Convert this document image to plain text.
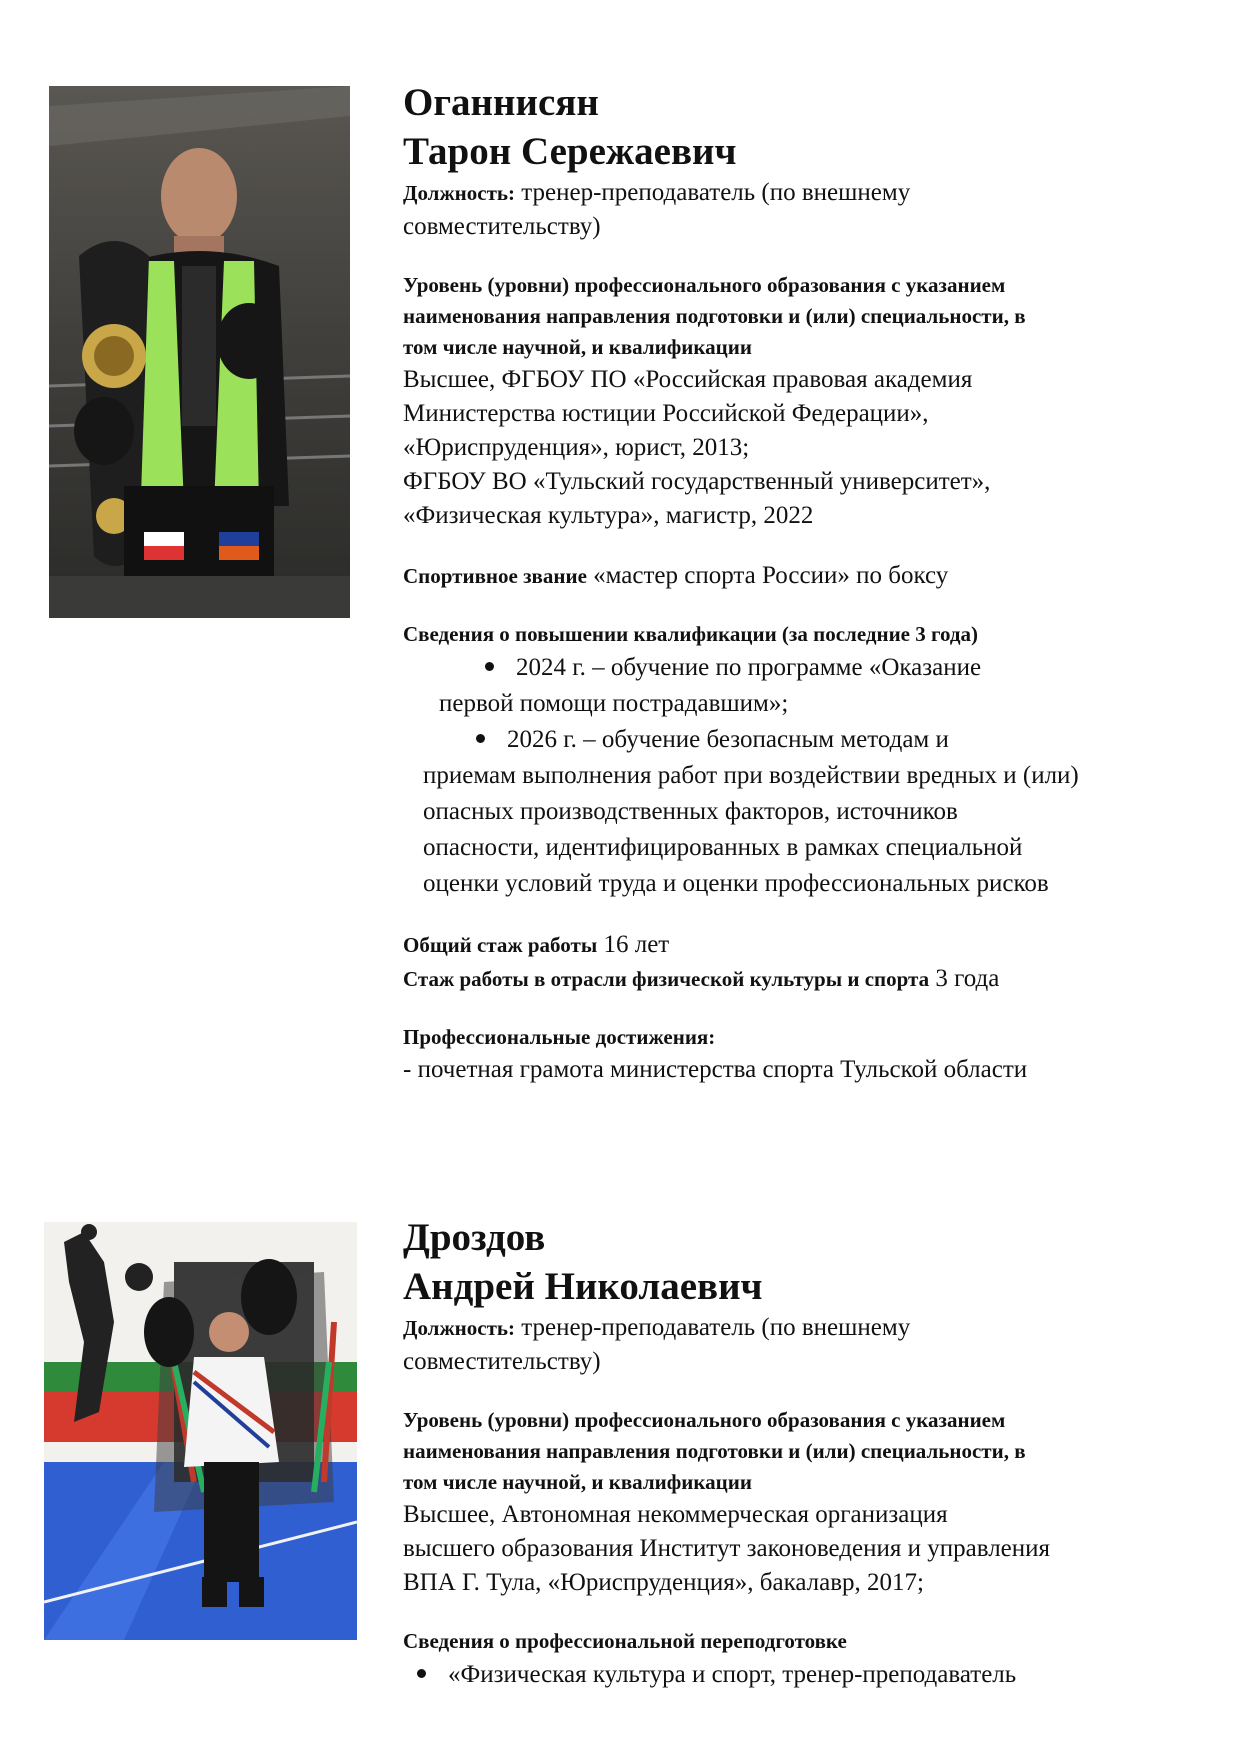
Оганнисян

Тарон Сережаевич

Должность: тренер-преподаватель (по внешнему

совместительству)

Уровень (уровни) профессионального образования с указанием

наименования направления подготовки и (или) специальности, в

том числе научной, и квалификации

Высшее, ФГБОУ ПО «Российская правовая академия

Министерства юстиции Российской Федерации»,

«Юриспруденция», юрист, 2013;

ФГБОУ ВО «Тульский государственный университет»,

«Физическая культура», магистр, 2022

Спортивное звание «мастер спорта России» по боксу

Сведения о повышении квалификации (за последние 3 года)

2024 г. – обучение по программе «Оказание
первой помощи пострадавшим»;
2026 г. – обучение безопасным методам и
приемам выполнения работ при воздействии вредных и (или)
опасных производственных факторов, источников
опасности, идентифицированных в рамках специальной
оценки условий труда и оценки профессиональных рисков

Общий стаж работы 16 лет

Стаж работы в отрасли физической культуры и спорта 3 года

Профессиональные достижения:

- почетная грамота министерства спорта Тульской области

Дроздов

Андрей Николаевич

Должность: тренер-преподаватель (по внешнему

совместительству)

Уровень (уровни) профессионального образования с указанием

наименования направления подготовки и (или) специальности, в

том числе научной, и квалификации

Высшее, Автономная некоммерческая организация

высшего образования Институт законоведения и управления

ВПА Г. Тула, «Юриспруденция», бакалавр, 2017;

Сведения о профессиональной переподготовке

«Физическая культура и спорт, тренер-преподаватель
